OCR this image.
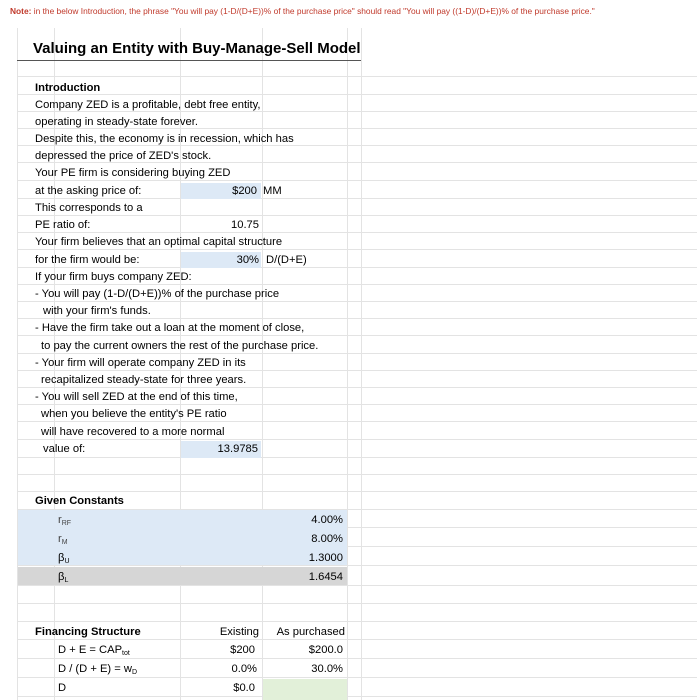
Note: in the below Introduction, the phrase "You will pay (1-D/(D+E))% of the purchase price" should read "You will pay ((1-D)/(D+E))% of the purchase price."
Valuing an Entity with Buy-Manage-Sell Model
Introduction
Company ZED is a profitable, debt free entity,
operating in steady-state forever.
Despite this, the economy is in recession, which has
depressed the price of ZED's stock.
Your PE firm is considering buying ZED
at the asking price of:	$200 MM
This corresponds to a
PE ratio of:	10.75
Your firm believes that an optimal capital structure
for the firm would be:	30% D/(D+E)
If your firm buys company ZED:
- You will pay (1-D/(D+E))% of the purchase price
with your firm's funds.
- Have the firm take out a loan at the moment of close,
to pay the current owners the rest of the purchase price.
- Your firm will operate company ZED in its
recapitalized steady-state for three years.
- You will sell ZED at the end of this time,
when you believe the entity's PE ratio
will have recovered to a more normal
value of:	13.9785
Given Constants
$r_{RF}$	4.00%
$r_M$	8.00%
$\beta_U$	1.3000
$\beta_L$	1.6454
Financing Structure	Existing	As purchased
$D + E = CAP_{tot}$	$200	$200.0
$D / (D + E) = w_D$	0.0%	30.0%
D	$0.0
